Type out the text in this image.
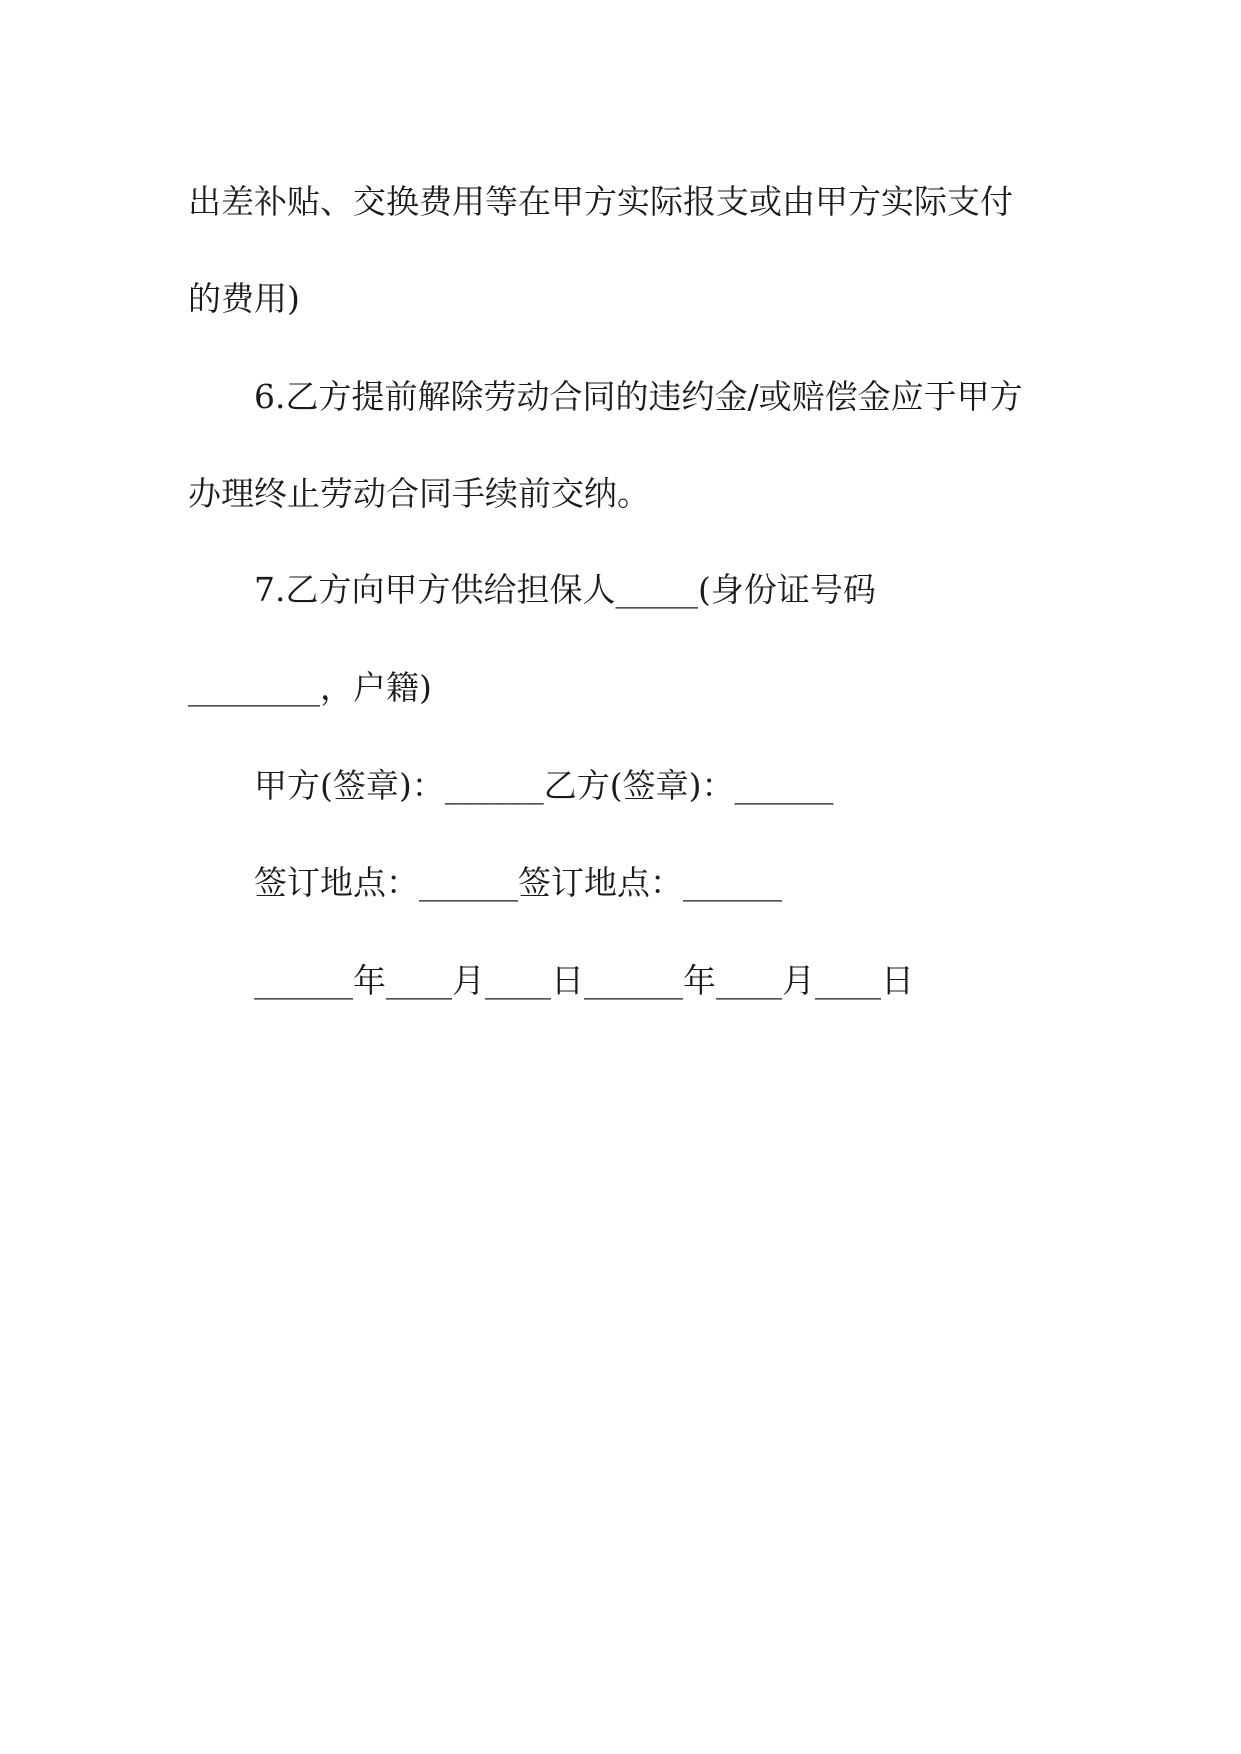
出差补贴、交换费用等在甲方实际报支或由甲方实际支付

的费用)

6.乙方提前解除劳动合同的违约金/或赔偿金应于甲方

办理终止劳动合同手续前交纳。

7.乙方向甲方供给担保人_____(身份证号码

________，户籍)

甲方(签章)：______乙方(签章)：______

签订地点：______签订地点：______

______年____月____日______年____月____日
